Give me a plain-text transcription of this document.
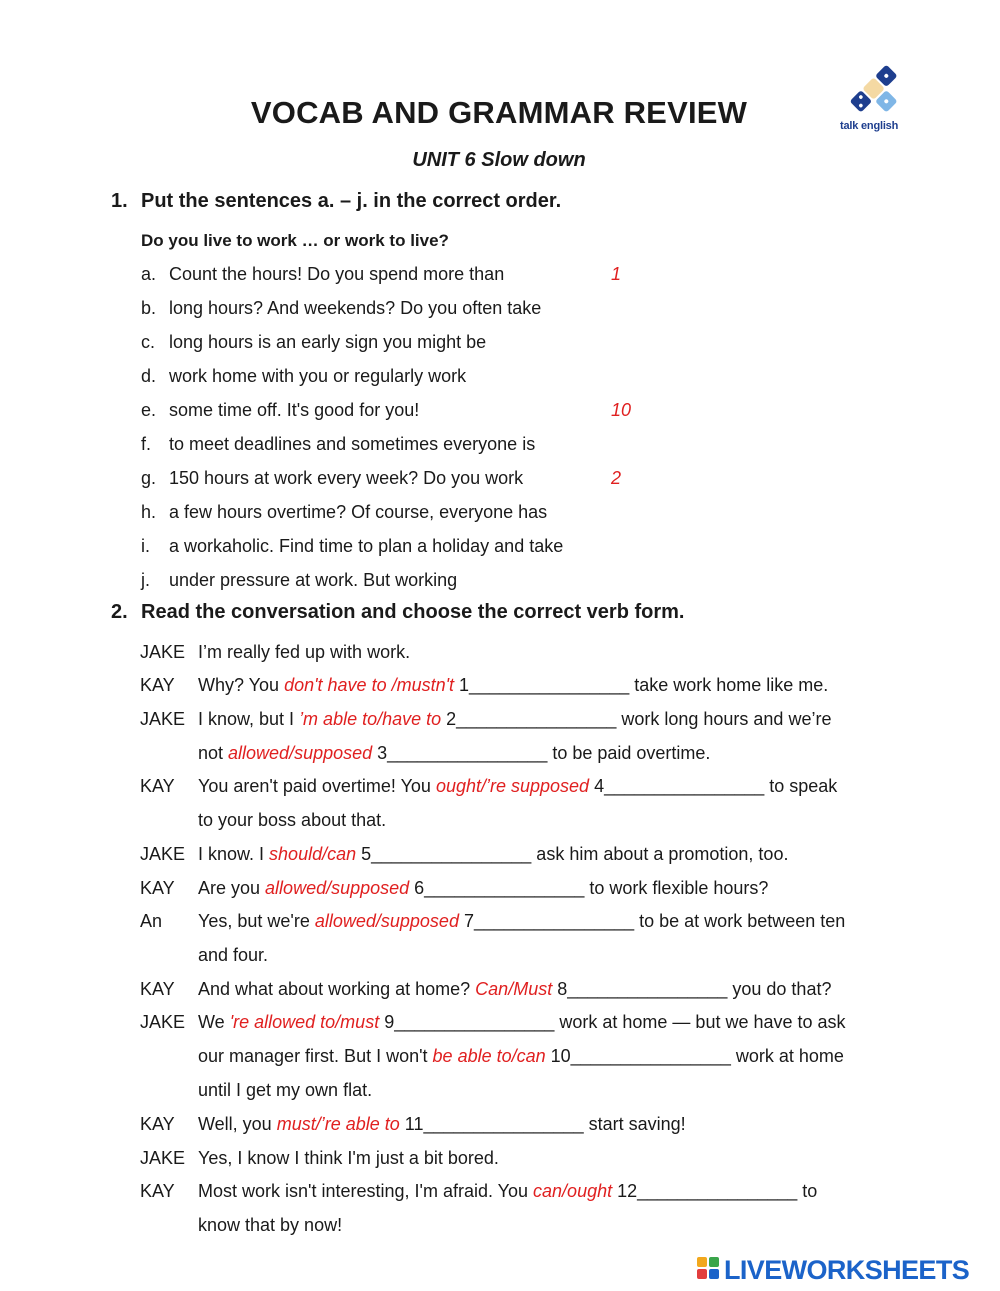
talk english
VOCAB AND GRAMMAR REVIEW
UNIT 6 Slow down
1. Put the sentences a. – j. in the correct order.
Do you live to work … or work to live?
a. Count the hours! Do you spend more than	1
b. long hours? And weekends? Do you often take
c. long hours is an early sign you might be
d. work home with you or regularly work
e. some time off. It's good for you!	10
f. to meet deadlines and sometimes everyone is
g. 150 hours at work every week? Do you work	2
h. a few hours overtime? Of course, everyone has
i.	a workaholic. Find time to plan a holiday and take
j.	under pressure at work. But working
2. Read the conversation and choose the correct verb form.
JAKE I’m really fed up with work.
KAY	Why? You don't have to /mustn't 1________________ take work home like me.
JAKE I know, but I ’m able to/have to 2________________ work long hours and we’re
not allowed/supposed 3________________ to be paid overtime.
KAY	You aren't paid overtime! You ought/’re supposed 4________________ to speak
to your boss about that.
JAKE I know. I should/can 5________________ ask him about a promotion, too.
KAY	Are you allowed/supposed 6________________ to work flexible hours?
An	Yes, but we're allowed/supposed 7________________ to be at work between ten
and four.
KAY	And what about working at home? Can/Must 8________________ you do that?
JAKE We 're allowed to/must 9________________ work at home — but we have to ask
our manager first. But I won't be able to/can 10________________ work at home
until I get my own flat.
KAY	Well, you must/’re able to 11________________ start saving!
JAKE Yes, I know I think I'm just a bit bored.
KAY	Most work isn't interesting, I'm afraid. You can/ought 12________________ to
know that by now!
LIVEWORKSHEETS
